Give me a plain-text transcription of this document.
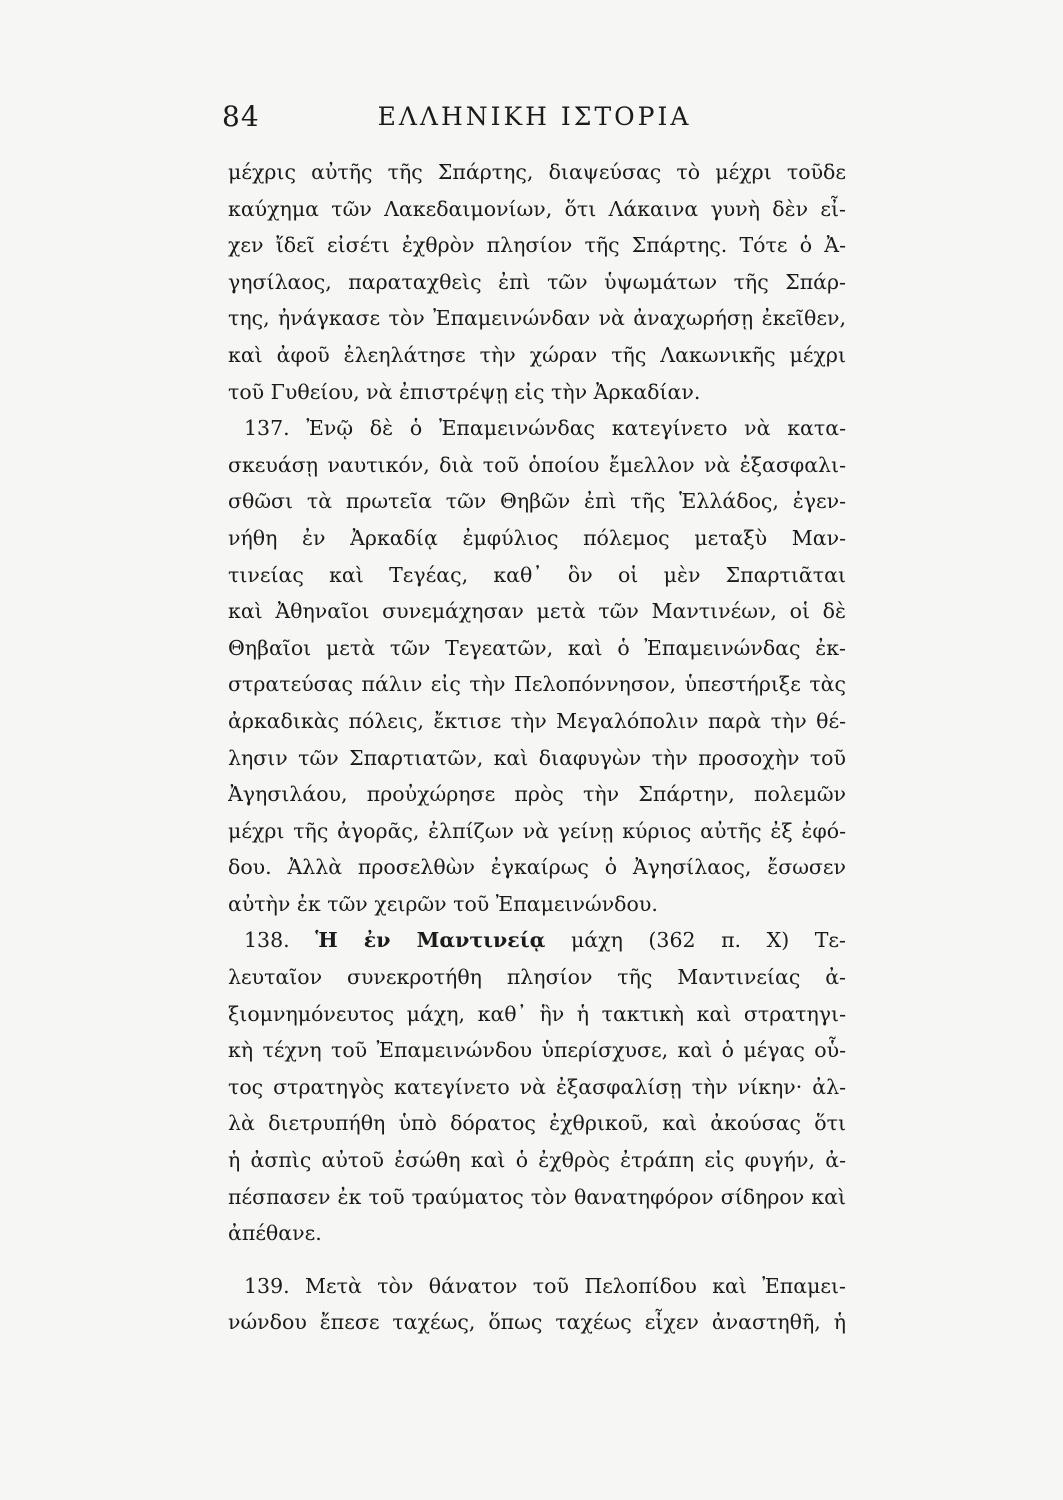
84	ΕΛΛΗΝΙΚΗ ΙΣΤΟΡΙΑ
μέχρις αὐτῆς τῆς Σπάρτης, διαψεύσας τὸ μέχρι τοῦδε
καύχημα τῶν Λακεδαιμονίων, ὅτι Λάκαινα γυνὴ δὲν εἶ-
χεν ἴδεῖ εἰσέτι ἐχθρὸν πλησίον τῆς Σπάρτης. Τότε ὁ Ἀ-
γησίλαος, παραταχθεὶς ἐπὶ τῶν ὑψωμάτων τῆς Σπάρ-
της, ἠνάγκασε τὸν Ἐπαμεινώνδαν νὰ ἀναχωρήσῃ ἐκεῖθεν,
καὶ ἀφοῦ ἐλεηλάτησε τὴν χώραν τῆς Λακωνικῆς μέχρι
τοῦ Γυθείου, νὰ ἐπιστρέψῃ εἰς τὴν Ἀρκαδίαν.
137. Ἐνῷ δὲ ὁ Ἐπαμεινώνδας κατεγίνετο νὰ κατα-
σκευάσῃ ναυτικόν, διὰ τοῦ ὁποίου ἔμελλον νὰ ἐξασφαλι-
σθῶσι τὰ πρωτεῖα τῶν Θηβῶν ἐπὶ τῆς Ἑλλάδος, ἐγεν-
νήθη ἐν Ἀρκαδίᾳ ἐμφύλιος πόλεμος μεταξὺ Μαν-
τινείας καὶ Τεγέας, καθ᾽ ὃν οἱ μὲν Σπαρτιᾶται
καὶ Ἀθηναῖοι συνεμάχησαν μετὰ τῶν Μαντινέων, οἱ δὲ
Θηβαῖοι μετὰ τῶν Τεγεατῶν, καὶ ὁ Ἐπαμεινώνδας ἐκ-
στρατεύσας πάλιν εἰς τὴν Πελοπόννησον, ὑπεστήριξε τὰς
ἀρκαδικὰς πόλεις, ἔκτισε τὴν Μεγαλόπολιν παρὰ τὴν θέ-
λησιν τῶν Σπαρτιατῶν, καὶ διαφυγὼν τὴν προσοχὴν τοῦ
Ἀγησιλάου, προὐχώρησε πρὸς τὴν Σπάρτην, πολεμῶν
μέχρι τῆς ἀγορᾶς, ἐλπίζων νὰ γείνῃ κύριος αὐτῆς ἐξ ἐφό-
δου. Ἀλλὰ προσελθὼν ἐγκαίρως ὁ Ἀγησίλαος, ἔσωσεν
αὐτὴν ἐκ τῶν χειρῶν τοῦ Ἐπαμεινώνδου.
138. Ἡ ἐν Μαντινείᾳ μάχη (362 π. Χ) Τε-
λευταῖον συνεκροτήθη πλησίον τῆς Μαντινείας ἀ-
ξιομνημόνευτος μάχη, καθ᾽ ἣν ἡ τακτικὴ καὶ στρατηγι-
κὴ τέχνη τοῦ Ἐπαμεινώνδου ὑπερίσχυσε, καὶ ὁ μέγας οὗ-
τος στρατηγὸς κατεγίνετο νὰ ἐξασφαλίσῃ τὴν νίκην· ἀλ-
λὰ διετρυπήθη ὑπὸ δόρατος ἐχθρικοῦ, καὶ ἀκούσας ὅτι
ἡ ἀσπὶς αὐτοῦ ἐσώθη καὶ ὁ ἐχθρὸς ἐτράπη εἰς φυγήν, ἀ-
πέσπασεν ἐκ τοῦ τραύματος τὸν θανατηφόρον σίδηρον καὶ
ἀπέθανε.
139. Μετὰ τὸν θάνατον τοῦ Πελοπίδου καὶ Ἐπαμει-
νώνδου ἔπεσε ταχέως, ὅπως ταχέως εἶχεν ἀναστηθῆ, ἡ
